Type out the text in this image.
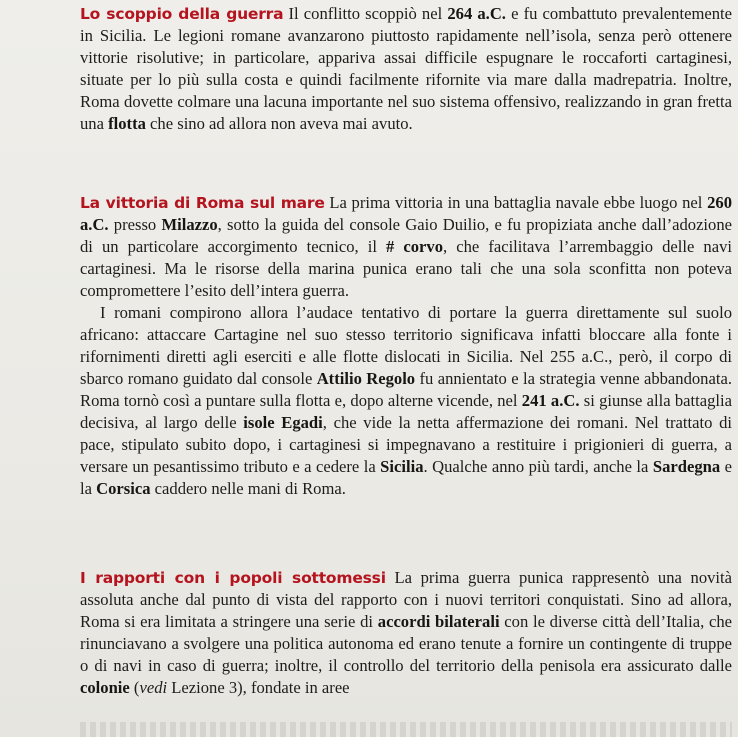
Lo scoppio della guerra Il conflitto scoppiò nel 264 a.C. e fu combattuto prevalentemente in Sicilia. Le legioni romane avanzarono piuttosto rapidamente nell’isola, senza però ottenere vittorie risolutive; in particolare, appariva assai difficile espugnare le roccaforti cartaginesi, situate per lo più sulla costa e quindi facilmente rifornite via mare dalla madrepatria. Inoltre, Roma dovette colmare una lacuna importante nel suo sistema offensivo, realizzando in gran fretta una flotta che sino ad allora non aveva mai avuto.

La vittoria di Roma sul mare La prima vittoria in una battaglia navale ebbe luogo nel 260 a.C. presso Milazzo, sotto la guida del console Gaio Duilio, e fu propiziata anche dall’adozione di un particolare accorgimento tecnico, il # corvo, che facilitava l’arrembaggio delle navi cartaginesi. Ma le risorse della marina punica erano tali che una sola sconfitta non poteva compromettere l’esito dell’intera guerra.

I romani compirono allora l’audace tentativo di portare la guerra direttamente sul suolo africano: attaccare Cartagine nel suo stesso territorio significava infatti bloccare alla fonte i rifornimenti diretti agli eserciti e alle flotte dislocati in Sicilia. Nel 255 a.C., però, il corpo di sbarco romano guidato dal console Attilio Regolo fu annientato e la strategia venne abbandonata. Roma tornò così a puntare sulla flotta e, dopo alterne vicende, nel 241 a.C. si giunse alla battaglia decisiva, al largo delle isole Egadi, che vide la netta affermazione dei romani. Nel trattato di pace, stipulato subito dopo, i cartaginesi si impegnavano a restituire i prigionieri di guerra, a versare un pesantissimo tributo e a cedere la Sicilia. Qualche anno più tardi, anche la Sardegna e la Corsica caddero nelle mani di Roma.

I rapporti con i popoli sottomessi La prima guerra punica rappresentò una novità assoluta anche dal punto di vista del rapporto con i nuovi territori conquistati. Sino ad allora, Roma si era limitata a stringere una serie di accordi bilaterali con le diverse città dell’Italia, che rinunciavano a svolgere una politica autonoma ed erano tenute a fornire un contingente di truppe o di navi in caso di guerra; inoltre, il controllo del territorio della penisola era assicurato dalle colonie (vedi Lezione 3), fondate in aree
